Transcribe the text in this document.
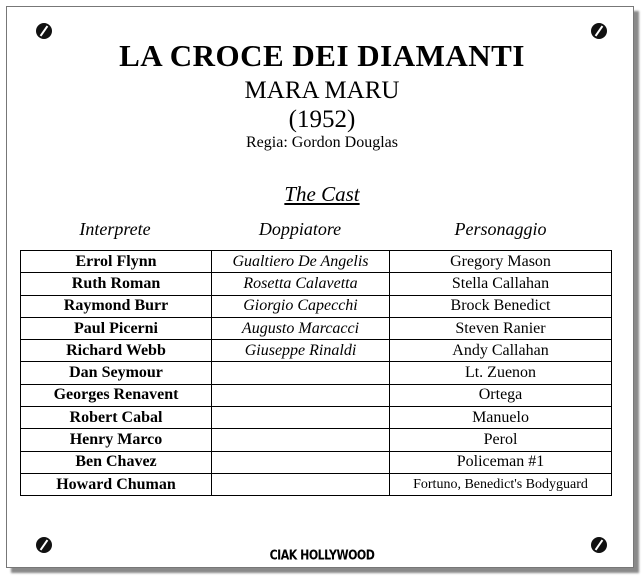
LA CROCE DEI DIAMANTI
MARA MARU
(1952)
Regia: Gordon Douglas
The Cast
Interprete	Doppiatore	Personaggio
Errol Flynn	Gualtiero De Angelis	Gregory Mason
Ruth Roman	Rosetta Calavetta	Stella Callahan
Raymond Burr	Giorgio Capecchi	Brock Benedict
Paul Picerni	Augusto Marcacci	Steven Ranier
Richard Webb	Giuseppe Rinaldi	Andy Callahan
Dan Seymour		Lt. Zuenon
Georges Renavent		Ortega
Robert Cabal		Manuelo
Henry Marco		Perol
Ben Chavez		Policeman #1
Howard Chuman		Fortuno, Benedict's Bodyguard
CIAK HOLLYWOOD
